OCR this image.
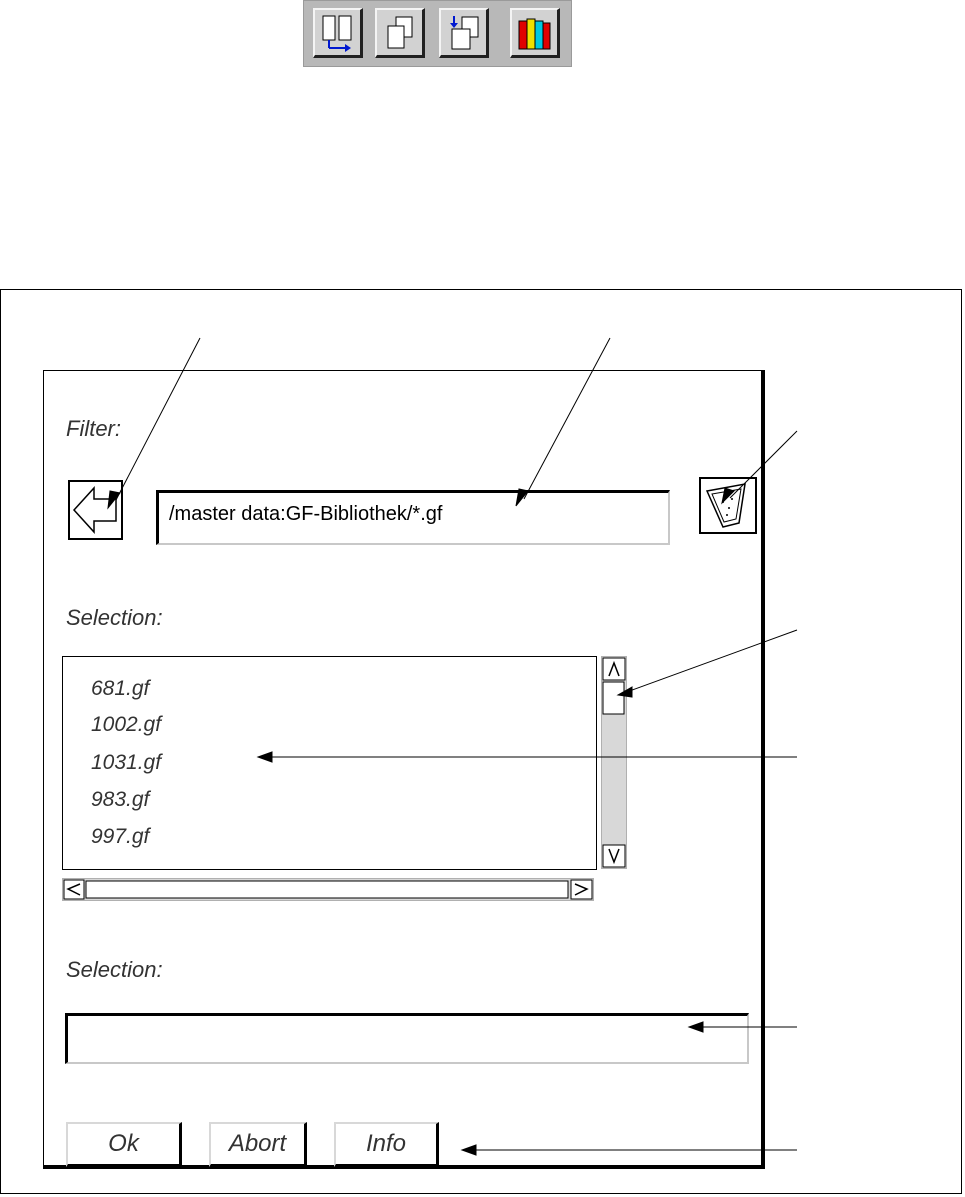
Filter:
/master data:GF-Bibliothek/*.gf
Selection:
681.gf
1002.gf
1031.gf
983.gf
997.gf
Selection:
Ok	Abort	Info
